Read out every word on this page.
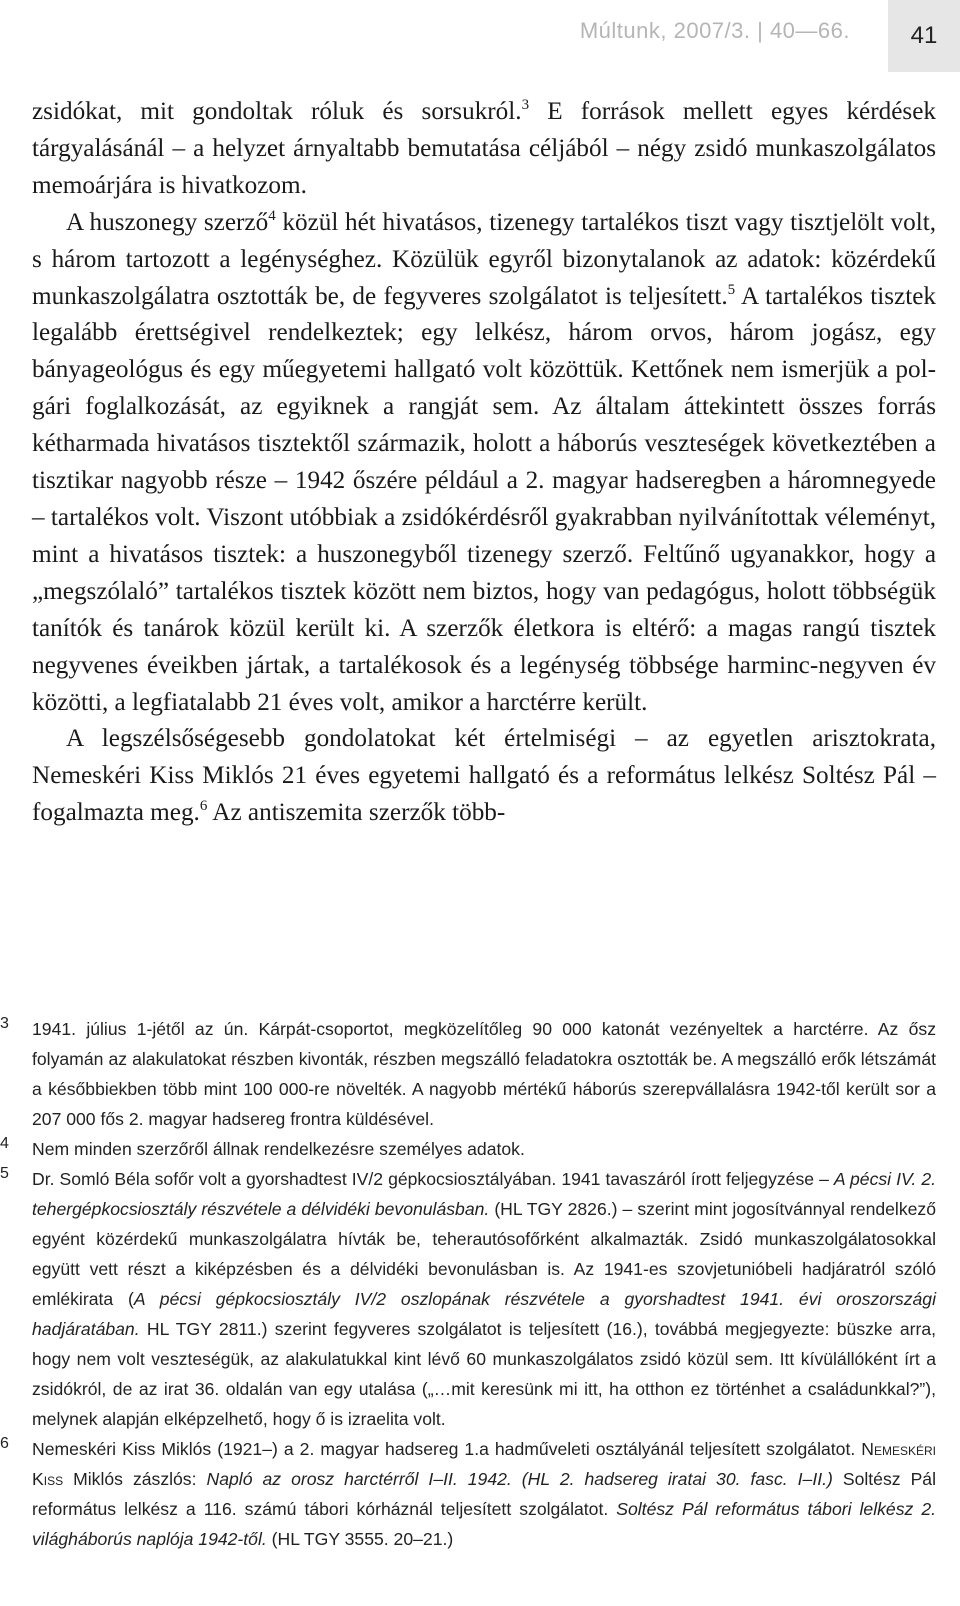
Múltunk, 2007/3. | 40—66.	41

zsidókat, mit gondoltak róluk és sorsukról.$^3$ E források mellett egyes kérdések tárgyalásánál – a helyzet árnyaltabb bemutatása céljából – négy zsidó munkaszolgálatos memoárjára is hivatkozom.

A huszonegy szerző$^4$ közül hét hivatásos, tizenegy tartalékos tiszt vagy tisztjelölt volt, s három tartozott a legénységhez. Közülük egyről bizonytalanok az adatok: közérdekű munkaszolgálatra osztották be, de fegyveres szolgálatot is teljesített.$^5$ A tartalékos tisztek legalább érettségivel rendelkeztek; egy lelkész, három orvos, három jogász, egy bányageológus és egy műegyetemi hallgató volt közöttük. Kettőnek nem ismerjük a polgári foglalkozását, az egyiknek a rangját sem. Az általam áttekintett összes forrás kétharmada hivatásos tisztektől származik, holott a háborús veszteségek következtében a tisztikar nagyobb része – 1942 őszére például a 2. magyar hadseregben a háromnegyede – tartalékos volt. Viszont utóbbiak a zsidókérdésről gyakrabban nyilvánítottak véleményt, mint a hivatásos tisztek: a huszonegyből tizenegy szerző. Feltűnő ugyanakkor, hogy a „megszólaló” tartalékos tisztek között nem biztos, hogy van pedagógus, holott többségük tanítók és tanárok közül került ki. A szerzők életkora is eltérő: a magas rangú tisztek negyvenes éveikben jártak, a tartalékosok és a legénység többsége harminc-negyven év közötti, a legfiatalabb 21 éves volt, amikor a harctérre került.

A legszélsőségesebb gondolatokat két értelmiségi – az egyetlen arisztokrata, Nemeskéri Kiss Miklós 21 éves egyetemi hallgató és a református lelkész Soltész Pál – fogalmazta meg.$^6$ Az antiszemita szerzők több-

3 1941. július 1-jétől az ún. Kárpát-csoportot, megközelítőleg 90 000 katonát vezényeltek a harctérre. Az ősz folyamán az alakulatokat részben kivonták, részben megszálló feladatokra osztották be. A megszálló erők létszámát a későbbiekben több mint 100 000-re növelték. A nagyobb mértékű háborús szerepvállalásra 1942-től került sor a 207 000 fős 2. magyar hadsereg frontra küldésével.
4 Nem minden szerzőről állnak rendelkezésre személyes adatok.
5 Dr. Somló Béla sofőr volt a gyorshadtest IV/2 gépkocsiosztályában. 1941 tavaszáról írott feljegyzése – A pécsi IV. 2. tehergépkocsiosztály részvétele a délvidéki bevonulásban. (HL TGY 2826.) – szerint mint jogosítvánnyal rendelkező egyént közérdekű munkaszolgálatra hívták be, teherautósofőrként alkalmazták. Zsidó munkaszolgálatosokkal együtt vett részt a kiképzésben és a délvidéki bevonulásban is. Az 1941-es szovjetunióbeli hadjáratról szóló emlékirata (A pécsi gépkocsiosztály IV/2 oszlopának részvétele a gyorshadtest 1941. évi oroszországi hadjáratában. HL TGY 2811.) szerint fegyveres szolgálatot is teljesített (16.), továbbá megjegyezte: büszke arra, hogy nem volt veszteségük, az alakulatukkal kint lévő 60 munkaszolgálatos zsidó közül sem. Itt kívülállóként írt a zsidókról, de az irat 36. oldalán van egy utalása („…mit keresünk mi itt, ha otthon ez történhet a családunkkal?”), melynek alapján elképzelhető, hogy ő is izraelita volt.
6 Nemeskéri Kiss Miklós (1921–) a 2. magyar hadsereg 1.a hadműveleti osztályánál teljesített szolgálatot. Nemeskéri Kiss Miklós zászlós: Napló az orosz harctérről I–II. 1942. (HL 2. hadsereg iratai 30. fasc. I–II.) Soltész Pál református lelkész a 116. számú tábori kórháznál teljesített szolgálatot. Soltész Pál református tábori lelkész 2. világháborús naplója 1942-től. (HL TGY 3555. 20–21.)
